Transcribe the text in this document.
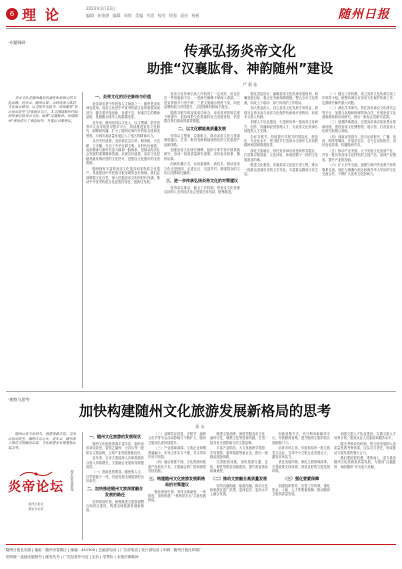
6 理 论	2023年3月23日
编辑 孙骏骅 编辑 周铭 美编 代欣 校对 徐强 责任 杨彬	随州日报
·专题调研·
传承弘扬炎帝文化
助推“汉襄肱骨、神韵随州”建设
严 莉 张
炎帝文化是随州最具代表性和影响力的文化品牌。近年来，随州市委、市政府深入推进文化强市建设，以寻根节为抓手，持续擦亮“炎帝神农故里”这张城市名片。本文围绕新时代如何传承弘扬炎帝文化、助推“汉襄肱骨、神韵随州”建设进行了调查研究，并提出对策建议。
一、炎帝文化的历史脉络与价值

炎帝神农是中华民族人文始祖之一，随州是炎帝神农故里。炎帝文化是中华优秀传统文化的重要组成部分，蕴含着开拓创新、自强不息、和谐共生的精神品格，是凝聚全球华人的重要纽带。

近年来，随州坚持以文化人、以文塑城，依托世界华人炎帝故里寻根节平台，持续推进炎帝文化研究、阐释和传播，扩大了随州在海内外的知名度和美誉度，为城市高质量发展注入了强大的精神动力。

从历史价值看，炎帝神农尝百草、制耒耜、兴农耕、立市廛，开启了中华农耕文明。从时代价值看，炎帝精神与新时代奋斗精神一脉相承，是推动经济社会发展的重要精神资源。从现实价值看，炎帝文化是随州最具辨识度的文化符号，是建设文化强市的宝贵资源。

随州拥有丰富的炎帝文化遗存和非物质文化遗产，具备建设中华民族寻根圣地的良好基础。我们必须增强文化自觉，深入挖掘炎帝文化的时代内涵，推动中华优秀传统文化创造性转化、创新性发展。

炎帝文化传承弘扬工作取得了一定成效，但也存在一些短板和不足：一是研究阐释不够深入系统，二是宣传推介力度不够，三是文旅融合程度不高，四是品牌影响力有待提升，五是保障机制尚不健全。

随着寻根节的连续成功举办，炎帝故里的知名度不断提升，但如何把文化资源转化为发展优势，仍是摆在我们面前的重要课题。

二、以文化赋能高质量发展

坚持以文塑旅、以旅彰文，推动炎帝文化与旅游深度融合，打造一批具有鲜明地域特色的文化旅游产品和线路。

加强炎帝文化研究阐释，组织专家学者开展系统研究，形成一批高质量研究成果，讲好炎帝故事、随州故事。

创新传播方式，运用新媒体、新技术，推动炎帝文化走进校园、走进社区、走进乡村，增强群众的文化认同感和归属感。

三、进一步传承弘扬炎帝文化的对策建议

坚持高位推动，健全工作机制，把炎帝文化传承弘扬纳入全市经济社会发展总体布局，统筹推进。

强化顶层设计，编制炎帝文化传承发展规划，明确发展目标、重点任务和保障措施。整合全市文化资源，形成上下联动、部门协同的工作格局。

加大资金投入，设立炎帝文化发展专项资金，鼓励社会资本参与炎帝文化保护传承和开发利用，形成多元投入机制。

加强人才队伍建设，引进和培养一批炎帝文化研究、创作、传播和经营管理人才，为炎帝文化传承弘扬提供人才支撑。

办好寻根节，持续提升寻根节的国际化、规范化、专业化水平，把寻根节打造成为全球华人共同的精神家园和情感纽带。

深化文旅融合，依托炎帝神农故里风景名胜区，打造集寻根祭祖、文化体验、休闲度假于一体的文化旅游目的地。

推进文化惠民，实施炎帝文化进万家工程，推出一批群众喜闻乐见的文艺作品，丰富群众精神文化生活。

（一）健全工作机制。成立炎帝文化传承弘扬工作领导小组，统筹协调全市炎帝文化保护传承工作，定期研究解决重大问题。

（二）深化学术研究。依托炎帝神农文化研究会等平台，加强与高校和科研院所合作，开展炎帝文化基础理论和应用研究，推出一批标志性研究成果。

（三）加强阵地建设。完善炎帝神农故里景区基础设施，建设炎帝文化博物馆、展示馆，打造炎帝文化研究和展示高地。

（四）创新宣传推介。综合运用报刊、广播、电视、网络等媒体，开展多层次、全方位宣传推介，讲好炎帝故事，传播随州声音。

（五）推动产业发展。大力发展文化创意产业，开发一批具有炎帝文化特色的文创产品，延伸产业链条，提升产业附加值。

（六）扩大对外交流。加强与海内外炎黄子孙的联系交流，深化与港澳台地区和海外华人华侨的文化交流合作，不断扩大炎帝文化影响力。

·观察与思考·
加快构建随州文化旅游发展新格局的思考
张 永
随州历史文化悠久，旅游资源丰富，是炎帝神农故里、编钟古乐之乡。近年来，随州深入推进文旅融合发展，文化旅游业呈现蓬勃发展态势。
一、随州文化旅游的发展现状

随州文化旅游资源丰富多彩，拥有炎帝神农故里、曾侯乙编钟、大洪山等一批知名文旅品牌，文旅产业发展基础良好。

近年来，全市文旅接待人次和旅游综合收入持续增长，文旅融合发展取得积极成效。

（一）资源优势明显。随州集人文、自然资源于一体，具备发展全域旅游的良好条件。

二、加快推进随州文旅深度融合发展的路径

坚持规划引领，统筹推进文旅资源整合和项目建设，构建全域旅游发展新格局。

（二）品牌效应初显。寻根节、编钟文化节等节会活动影响力不断扩大，随州文旅知名度持续提升。

（三）产业基础薄弱。文旅企业规模普遍偏小，市场主体实力不强，龙头带动作用不明显。

（四）融合程度不深。文化资源向旅游产品转化不足，文旅融合的广度和深度有待拓展。

三、构建随州文化旅游发展新格局的对策建议

强化规划引领，坚持全域谋划、一体推进，加快构建“一核两带多点”文旅发展格局。

做强文旅品牌，深度挖掘炎帝文化、编钟文化、佛教文化等资源内涵，打造一批具有全国影响力的文旅品牌。

丰富产品供给，大力发展研学旅游、乡村旅游、康养旅游等新业态，推出一批精品旅游线路。

完善配套设施，加快旅游交通、住宿、餐饮等配套设施建设，提升游客体验和满意度。

（二）推动文旅融合高质量发展

坚持宜融则融、能融尽融，推动文化和旅游在更广范围、更深层次、更高水平上融合发展。

创新营销方式，充分利用新媒体平台，开展精准营销，提升随州文旅的知名度和吸引力。

培育市场主体，引进和培育一批文旅龙头企业，支持中小文旅企业发展壮大，激发市场活力。

优化发展环境，深化文旅领域改革，完善政策支持体系，营造良好的文旅发展环境。

（三）强化要素保障

加强组织领导，完善工作机制，强化资金、土地、人才等要素保障，推动随州文旅高质量发展。

加强文旅人才队伍建设，实施文旅人才培养计划，提高从业人员素质和服务水平。

健全考核评价机制，把文旅发展纳入高质量发展考核体系，压实各方责任，形成推动文旅发展的强大合力。

我们要抢抓机遇、乘势而上，奋力推动随州文化旅游高质量发展，为建设“汉襄肱骨、神韵随州”作出更大贡献。

炎帝论坛
随州日报社
理论评论部
理论版投稿邮箱
随州日报社出版 | 地址：随州市曾都区 | 邮编：441300 | 总编室电话 | 广告部电话 | 发行部电话 | 印刷：随州日报社印刷厂
国内统一连续出版物号 | 邮发代号 | 广告经营许可证 | 定价 | 零售价 | 本报法律顾问
